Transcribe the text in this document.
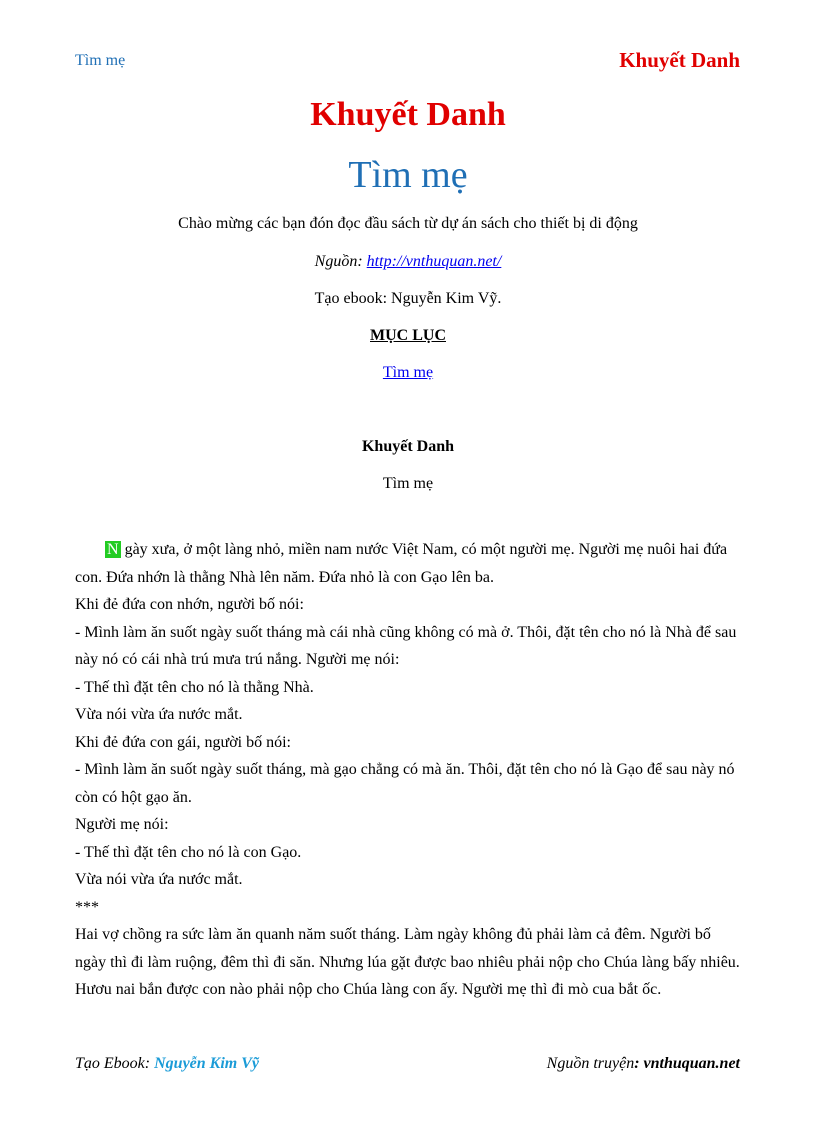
Tìm mẹ	Khuyết Danh
Khuyết Danh
Tìm mẹ
Chào mừng các bạn đón đọc đầu sách từ dự án sách cho thiết bị di động
Nguồn: http://vnthuquan.net/
Tạo ebook: Nguyễn Kim Vỹ.
MỤC LỤC
Tìm mẹ
Khuyết Danh
Tìm mẹ

N gày xưa, ở một làng nhỏ, miền nam nước Việt Nam, có một người mẹ. Người mẹ nuôi hai đứa con. Đứa nhớn là thằng Nhà lên năm. Đứa nhỏ là con Gạo lên ba.

Khi đẻ đứa con nhớn, người bố nói:

- Mình làm ăn suốt ngày suốt tháng mà cái nhà cũng không có mà ở. Thôi, đặt tên cho nó là Nhà để sau này nó có cái nhà trú mưa trú nắng. Người mẹ nói:

- Thế thì đặt tên cho nó là thằng Nhà.

Vừa nói vừa ứa nước mắt.

Khi đẻ đứa con gái, người bố nói:

- Mình làm ăn suốt ngày suốt tháng, mà gạo chẳng có mà ăn. Thôi, đặt tên cho nó là Gạo để sau này nó còn có hột gạo ăn.

Người mẹ nói:

- Thế thì đặt tên cho nó là con Gạo.

Vừa nói vừa ứa nước mắt.

***

Hai vợ chồng ra sức làm ăn quanh năm suốt tháng. Làm ngày không đủ phải làm cả đêm. Người bố ngày thì đi làm ruộng, đêm thì đi săn. Nhưng lúa gặt được bao nhiêu phải nộp cho Chúa làng bấy nhiêu. Hươu nai bắn được con nào phải nộp cho Chúa làng con ấy. Người mẹ thì đi mò cua bắt ốc.

Tạo Ebook: Nguyễn Kim Vỹ	Nguồn truyện: vnthuquan.net
